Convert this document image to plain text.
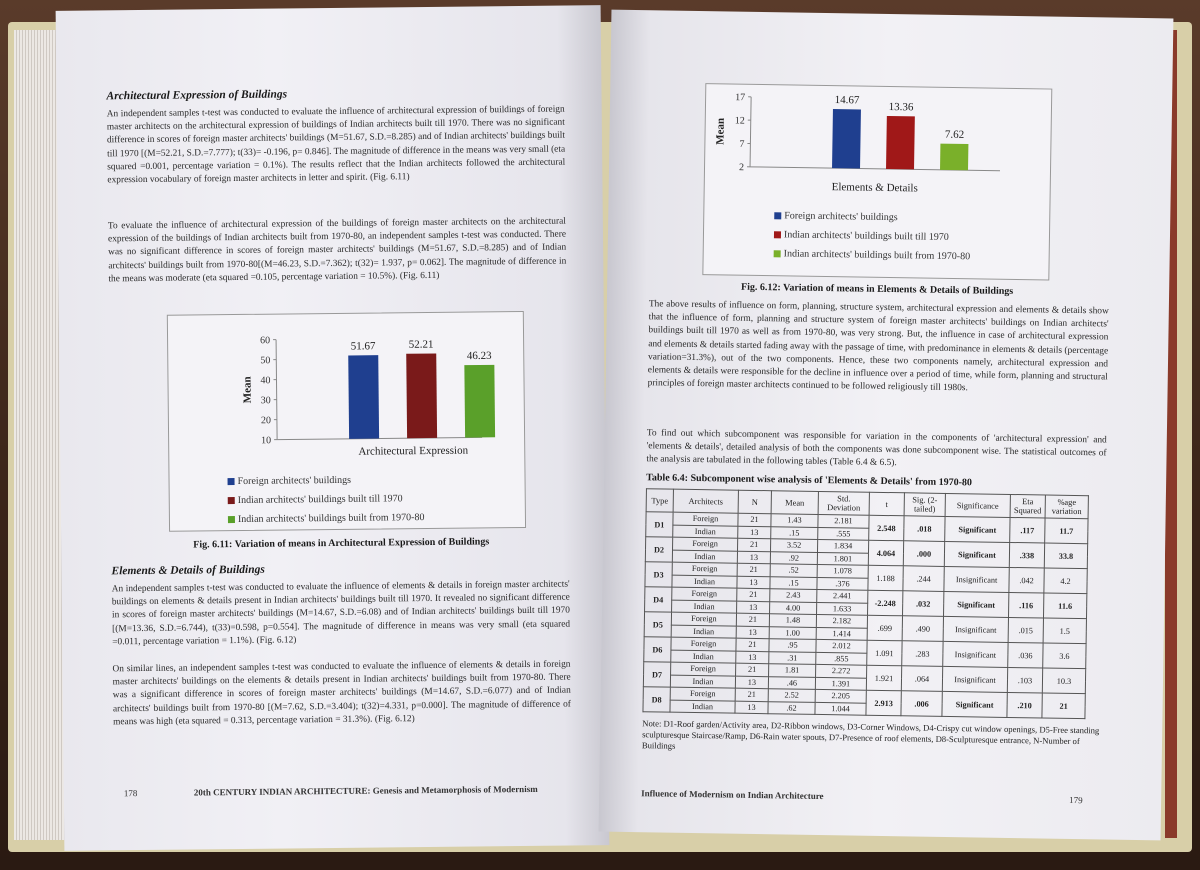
Architectural Expression of Buildings
An independent samples t-test was conducted to evaluate the influence of architectural expression of buildings of foreign master architects on the architectural expression of buildings of Indian architects built till 1970. There was no significant difference in scores of foreign master architects' buildings (M=51.67, S.D.=8.285) and of Indian architects' buildings built till 1970 [(M=52.21, S.D.=7.777); t(33)= -0.196, p= 0.846]. The magnitude of difference in the means was very small (eta squared =0.001, percentage variation = 0.1%). The results reflect that the Indian architects followed the architectural expression vocabulary of foreign master architects in letter and spirit. (Fig. 6.11)
To evaluate the influence of architectural expression of the buildings of foreign master architects on the architectural expression of the buildings of Indian architects built from 1970-80, an independent samples t-test was conducted. There was no significant difference in scores of foreign master architects' buildings (M=51.67, S.D.=8.285) and of Indian architects' buildings built from 1970-80[(M=46.23, S.D.=7.362); t(32)= 1.937, p= 0.062]. The magnitude of difference in the means was moderate (eta squared =0.105, percentage variation = 10.5%). (Fig. 6.11)
10
20
30
40
50
60
Mean
51.67	52.21
46.23
Architectural Expression
Foreign architects' buildings
Indian architects' buildings built till 1970
Indian architects' buildings built from 1970-80
Fig. 6.11: Variation of means in Architectural Expression of Buildings
Elements & Details of Buildings
An independent samples t-test was conducted to evaluate the influence of elements & details in foreign master architects' buildings on elements & details present in Indian architects' buildings built till 1970. It revealed no significant difference in scores of foreign master architects' buildings (M=14.67, S.D.=6.08) and of Indian architects' buildings built till 1970 [(M=13.36, S.D.=6.744), t(33)=0.598, p=0.554]. The magnitude of difference in means was very small (eta squared =0.011, percentage variation = 1.1%). (Fig. 6.12)
On similar lines, an independent samples t-test was conducted to evaluate the influence of elements & details in foreign master architects' buildings on the elements & details present in Indian architects' buildings built from 1970-80. There was a significant difference in scores of foreign master architects' buildings (M=14.67, S.D.=6.077) and of Indian architects' buildings built from 1970-80 [(M=7.62, S.D.=3.404); t(32)=4.331, p=0.000]. The magnitude of difference of means was high (eta squared = 0.313, percentage variation = 31.3%). (Fig. 6.12)
178	20th CENTURY INDIAN ARCHITECTURE: Genesis and Metamorphosis of Modernism
2
7
12
17
Mean
14.67
13.36
7.62
Elements & Details
Foreign architects' buildings
Indian architects' buildings built till 1970
Indian architects' buildings built from 1970-80
Fig. 6.12: Variation of means in Elements & Details of Buildings
The above results of influence on form, planning, structure system, architectural expression and elements & details show that the influence of form, planning and structure system of foreign master architects' buildings on Indian architects' buildings built till 1970 as well as from 1970-80, was very strong. But, the influence in case of architectural expression and elements & details started fading away with the passage of time, with predominance in elements & details (percentage variation=31.3%), out of the two components. Hence, these two components namely, architectural expression and elements & details were responsible for the decline in influence over a period of time, while form, planning and structural principles of foreign master architects continued to be followed religiously till 1980s.
To find out which subcomponent was responsible for variation in the components of 'architectural expression' and 'elements & details', detailed analysis of both the components was done subcomponent wise. The statistical outcomes of the analysis are tabulated in the following tables (Table 6.4 & 6.5).
Table 6.4: Subcomponent wise analysis of 'Elements & Details' from 1970-80
Type	Architects	N	Mean	Std. Deviation	t	Sig. (2-tailed)	Significance	Eta Squared	%age variation
D1	Foreign	21	1.43	2.181	2.548	.018	Significant	.117	11.7
	Indian	13	.15	.555					
D2	Foreign	21	3.52	1.834	4.064	.000	Significant	.338	33.8
	Indian	13	.92	1.801					
D3	Foreign	21	.52	1.078	1.188	.244	Insignificant	.042	4.2
	Indian	13	.15	.376					
D4	Foreign	21	2.43	2.441	-2.248	.032	Significant	.116	11.6
	Indian	13	4.00	1.633					
D5	Foreign	21	1.48	2.182	.699	.490	Insignificant	.015	1.5
	Indian	13	1.00	1.414					
D6	Foreign	21	.95	2.012	1.091	.283	Insignificant	.036	3.6
	Indian	13	.31	.855					
D7	Foreign	21	1.81	2.272	1.921	.064	Insignificant	.103	10.3
	Indian	13	.46	1.391					
D8	Foreign	21	2.52	2.205	2.913	.006	Significant	.210	21
	Indian	13	.62	1.044					
Note: D1-Roof garden/Activity area, D2-Ribbon windows, D3-Corner Windows, D4-Crispy cut window openings, D5-Free standing sculpturesque Staircase/Ramp, D6-Rain water spouts, D7-Presence of roof elements, D8-Sculpturesque entrance, N-Number of Buildings
Influence of Modernism on Indian Architecture	179
